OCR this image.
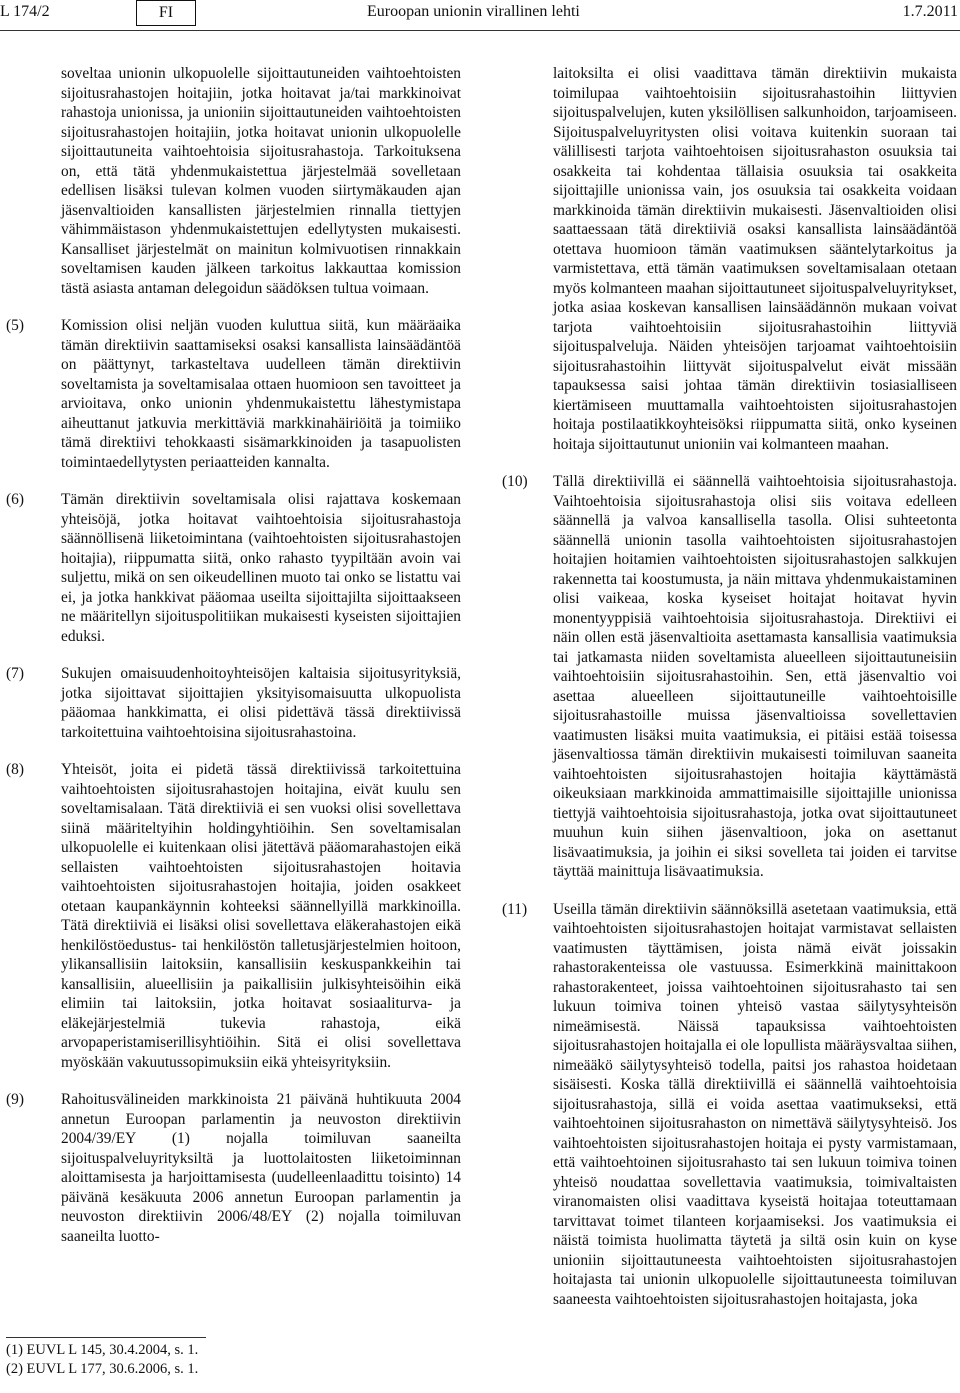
L 174/2	FI	Euroopan unionin virallinen lehti	1.7.2011
soveltaa unionin ulkopuolelle sijoittautuneiden vaihtoehtoisten sijoitusrahastojen hoitajiin, jotka hoitavat ja/tai markkinoivat rahastoja unionissa, ja unioniin sijoittautuneiden vaihtoehtoisten sijoitusrahastojen hoitajiin, jotka hoitavat unionin ulkopuolelle sijoittautuneita vaihtoehtoisia sijoitusrahastoja. Tarkoituksena on, että tätä yhdenmukaistettua järjestelmää sovelletaan edellisen lisäksi tulevan kolmen vuoden siirtymäkauden ajan jäsenvaltioiden kansallisten järjestelmien rinnalla tiettyjen vähimmäistason yhdenmukaistettujen edellytysten mukaisesti. Kansalliset järjestelmät on mainitun kolmivuotisen rinnakkain soveltamisen kauden jälkeen tarkoitus lakkauttaa komission tästä asiasta antaman delegoidun säädöksen tultua voimaan.
(5) Komission olisi neljän vuoden kuluttua siitä, kun määräaika tämän direktiivin saattamiseksi osaksi kansallista lainsäädäntöä on päättynyt, tarkasteltava uudelleen tämän direktiivin soveltamista ja soveltamisalaa ottaen huomioon sen tavoitteet ja arvioitava, onko unionin yhdenmukaistettu lähestymistapa aiheuttanut jatkuvia merkittäviä markkinahäiriöitä ja toimiiko tämä direktiivi tehokkaasti sisämarkkinoiden ja tasapuolisten toimintaedellytysten periaatteiden kannalta.
(6) Tämän direktiivin soveltamisala olisi rajattava koskemaan yhteisöjä, jotka hoitavat vaihtoehtoisia sijoitusrahastoja säännöllisenä liiketoimintana (vaihtoehtoisten sijoitusrahastojen hoitajia), riippumatta siitä, onko rahasto tyypiltään avoin vai suljettu, mikä on sen oikeudellinen muoto tai onko se listattu vai ei, ja jotka hankkivat pääomaa useilta sijoittajilta sijoittaakseen ne määritellyn sijoituspolitiikan mukaisesti kyseisten sijoittajien eduksi.
(7) Sukujen omaisuudenhoitoyhteisöjen kaltaisia sijoitusyrityksiä, jotka sijoittavat sijoittajien yksityisomaisuutta ulkopuolista pääomaa hankkimatta, ei olisi pidettävä tässä direktiivissä tarkoitettuina vaihtoehtoisina sijoitusrahastoina.
(8) Yhteisöt, joita ei pidetä tässä direktiivissä tarkoitettuina vaihtoehtoisten sijoitusrahastojen hoitajina, eivät kuulu sen soveltamisalaan. Tätä direktiiviä ei sen vuoksi olisi sovellettava siinä määriteltyihin holdingyhtiöihin. Sen soveltamisalan ulkopuolelle ei kuitenkaan olisi jätettävä pääomarahastojen eikä sellaisten vaihtoehtoisten sijoitusrahastojen hoitavia vaihtoehtoisten sijoitusrahastojen hoitajia, joiden osakkeet otetaan kaupankäynnin kohteeksi säännellyillä markkinoilla. Tätä direktiiviä ei lisäksi olisi sovellettava eläkerahastojen eikä henkilöstöedustus- tai henkilöstön talletusjärjestelmien hoitoon, ylikansallisiin laitoksiin, kansallisiin keskuspankkeihin tai kansallisiin, alueellisiin ja paikallisiin julkisyhteisöihin eikä elimiin tai laitoksiin, jotka hoitavat sosiaaliturva- ja eläkejärjestelmiä tukevia rahastoja, eikä arvopaperistamiserillisyhtiöihin. Sitä ei olisi sovellettava myöskään vakuutussopimuksiin eikä yhteisyrityksiin.
(9) Rahoitusvälineiden markkinoista 21 päivänä huhtikuuta 2004 annetun Euroopan parlamentin ja neuvoston direktiivin 2004/39/EY (1) nojalla toimiluvan saaneilta sijoituspalveluyrityksiltä ja luottolaitosten liiketoiminnan aloittamisesta ja harjoittamisesta (uudelleenlaadittu toisinto) 14 päivänä kesäkuuta 2006 annetun Euroopan parlamentin ja neuvoston direktiivin 2006/48/EY (2) nojalla toimiluvan saaneilta luotto-
laitoksilta ei olisi vaadittava tämän direktiivin mukaista toimilupaa vaihtoehtoisiin sijoitusrahastoihin liittyvien sijoituspalvelujen, kuten yksilöllisen salkunhoidon, tarjoamiseen. Sijoituspalveluyritysten olisi voitava kuitenkin suoraan tai välillisesti tarjota vaihtoehtoisen sijoitusrahaston osuuksia tai osakkeita tai kohdentaa tällaisia osuuksia tai osakkeita sijoittajille unionissa vain, jos osuuksia tai osakkeita voidaan markkinoida tämän direktiivin mukaisesti. Jäsenvaltioiden olisi saattaessaan tätä direktiiviä osaksi kansallista lainsäädäntöä otettava huomioon tämän vaatimuksen sääntelytarkoitus ja varmistettava, että tämän vaatimuksen soveltamisalaan otetaan myös kolmanteen maahan sijoittautuneet sijoituspalveluyritykset, jotka asiaa koskevan kansallisen lainsäädännön mukaan voivat tarjota vaihtoehtoisiin sijoitusrahastoihin liittyviä sijoituspalveluja. Näiden yhteisöjen tarjoamat vaihtoehtoisiin sijoitusrahastoihin liittyvät sijoituspalvelut eivät missään tapauksessa saisi johtaa tämän direktiivin tosiasialliseen kiertämiseen muuttamalla vaihtoehtoisten sijoitusrahastojen hoitaja postilaatikkoyhteisöksi riippumatta siitä, onko kyseinen hoitaja sijoittautunut unioniin vai kolmanteen maahan.
(10) Tällä direktiivillä ei säännellä vaihtoehtoisia sijoitusrahastoja. Vaihtoehtoisia sijoitusrahastoja olisi siis voitava edelleen säännellä ja valvoa kansallisella tasolla. Olisi suhteetonta säännellä unionin tasolla vaihtoehtoisten sijoitusrahastojen hoitajien hoitamien vaihtoehtoisten sijoitusrahastojen salkkujen rakennetta tai koostumusta, ja näin mittava yhdenmukaistaminen olisi vaikeaa, koska kyseiset hoitajat hoitavat hyvin monentyyppisiä vaihtoehtoisia sijoitusrahastoja. Direktiivi ei näin ollen estä jäsenvaltioita asettamasta kansallisia vaatimuksia tai jatkamasta niiden soveltamista alueelleen sijoittautuneisiin vaihtoehtoisiin sijoitusrahastoihin. Sen, että jäsenvaltio voi asettaa alueelleen sijoittautuneille vaihtoehtoisille sijoitusrahastoille muissa jäsenvaltioissa sovellettavien vaatimusten lisäksi muita vaatimuksia, ei pitäisi estää toisessa jäsenvaltiossa tämän direktiivin mukaisesti toimiluvan saaneita vaihtoehtoisten sijoitusrahastojen hoitajia käyttämästä oikeuksiaan markkinoida ammattimaisille sijoittajille unionissa tiettyjä vaihtoehtoisia sijoitusrahastoja, jotka ovat sijoittautuneet muuhun kuin siihen jäsenvaltioon, joka on asettanut lisävaatimuksia, ja joihin ei siksi sovelleta tai joiden ei tarvitse täyttää mainittuja lisävaatimuksia.
(11) Useilla tämän direktiivin säännöksillä asetetaan vaatimuksia, että vaihtoehtoisten sijoitusrahastojen hoitajat varmistavat sellaisten vaatimusten täyttämisen, joista nämä eivät joissakin rahastorakenteissa ole vastuussa. Esimerkkinä mainittakoon rahastorakenteet, joissa vaihtoehtoinen sijoitusrahasto tai sen lukuun toimiva toinen yhteisö vastaa säilytysyhteisön nimeämisestä. Näissä tapauksissa vaihtoehtoisten sijoitusrahastojen hoitajalla ei ole lopullista määräysvaltaa siihen, nimeääkö säilytysyhteisö todella, paitsi jos rahastoa hoidetaan sisäisesti. Koska tällä direktiivillä ei säännellä vaihtoehtoisia sijoitusrahastoja, sillä ei voida asettaa vaatimukseksi, että vaihtoehtoinen sijoitusrahaston on nimettävä säilytysyhteisö. Jos vaihtoehtoisten sijoitusrahastojen hoitaja ei pysty varmistamaan, että vaihtoehtoinen sijoitusrahasto tai sen lukuun toimiva toinen yhteisö noudattaa sovellettavia vaatimuksia, toimivaltaisten viranomaisten olisi vaadittava kyseistä hoitajaa toteuttamaan tarvittavat toimet tilanteen korjaamiseksi. Jos vaatimuksia ei näistä toimista huolimatta täytetä ja siltä osin kuin on kyse unioniin sijoittautuneesta vaihtoehtoisten sijoitusrahastojen hoitajasta tai unionin ulkopuolelle sijoittautuneesta toimiluvan saaneesta vaihtoehtoisten sijoitusrahastojen hoitajasta, joka
(1) EUVL L 145, 30.4.2004, s. 1.
(2) EUVL L 177, 30.6.2006, s. 1.
